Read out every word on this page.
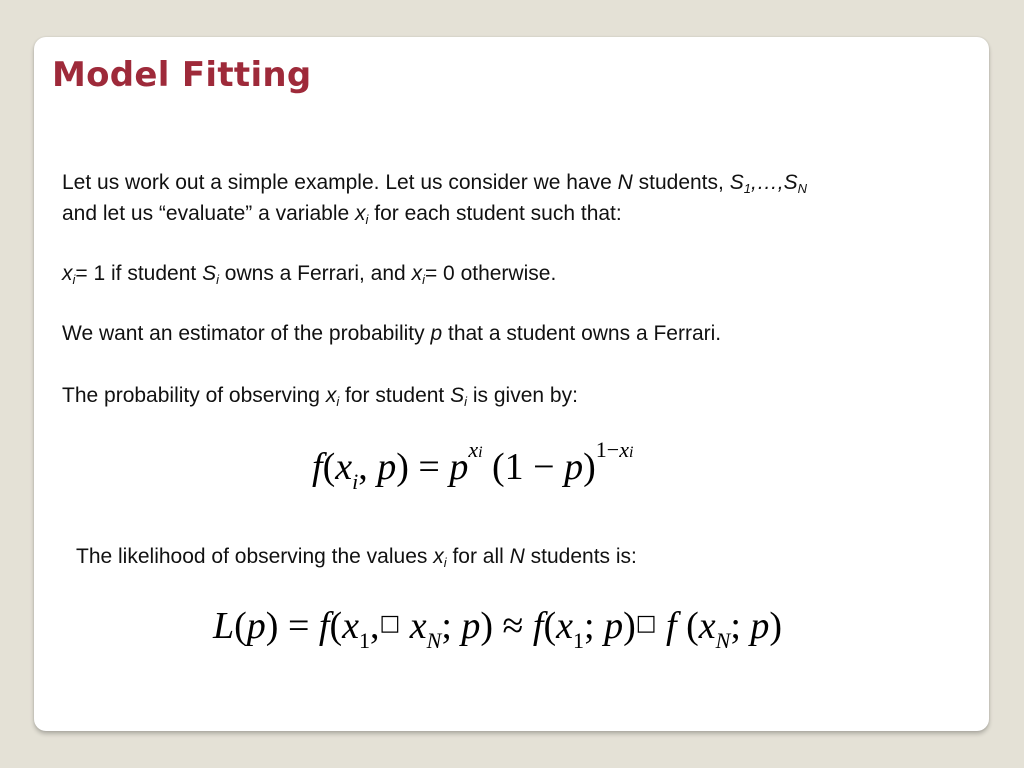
Model Fitting
Let us work out a simple example. Let us consider we have N students, $S_1,\dots,S_N$
and let us “evaluate” a variable $x_i$ for each student such that:
$x_i= 1$ if student $S_i$ owns a Ferrari, and $x_i= 0$ otherwise.
We want an estimator of the probability p that a student owns a Ferrari.
The probability of observing $x_i$ for student $S_i$ is given by:
$f(x_i$, $p) = p^{xi}$ $(1 - p)^{1-xi}$
The likelihood of observing the values $x_i$ for all N students is:
$L(p) = f(x_1,^□$ $x_N$; $p) \approx f(x_1$; p)□ f ($x_N$; p)
